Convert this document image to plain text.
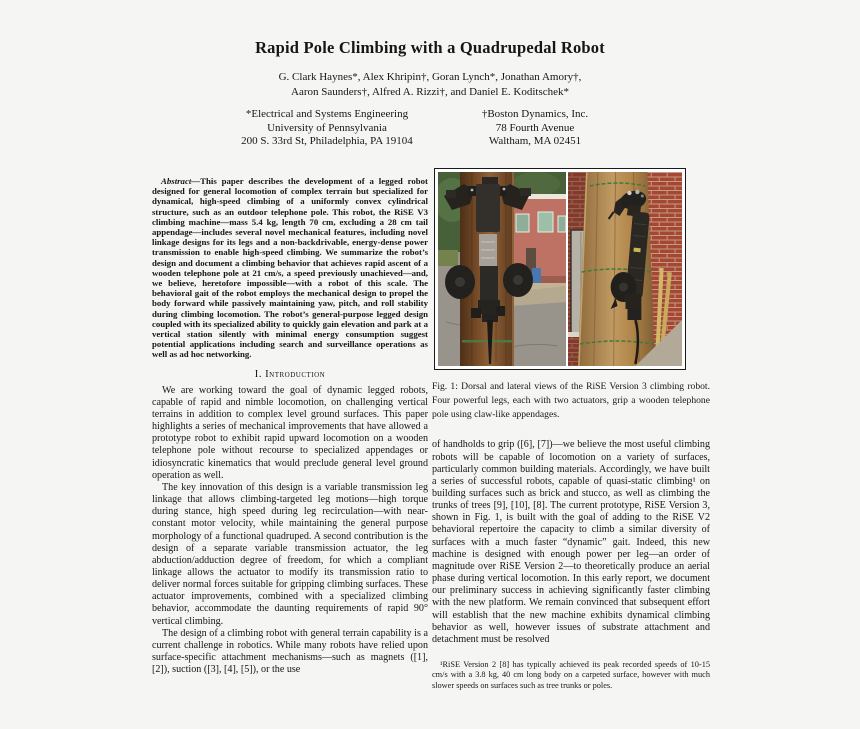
Rapid Pole Climbing with a Quadrupedal Robot
G. Clark Haynes*, Alex Khripin†, Goran Lynch*, Jonathan Amory†,
Aaron Saunders†, Alfred A. Rizzi†, and Daniel E. Koditschek*
*Electrical and Systems Engineering
University of Pennsylvania
200 S. 33rd St, Philadelphia, PA 19104
†Boston Dynamics, Inc.
78 Fourth Avenue
Waltham, MA 02451

Abstract—This paper describes the development of a legged robot designed for general locomotion of complex terrain but specialized for dynamical, high-speed climbing of a uniformly convex cylindrical structure, such as an outdoor telephone pole. This robot, the RiSE V3 climbing machine—mass 5.4 kg, length 70 cm, excluding a 28 cm tail appendage—includes several novel mechanical features, including novel linkage designs for its legs and a non-backdrivable, energy-dense power transmission to enable high-speed climbing. We summarize the robot’s design and document a climbing behavior that achieves rapid ascent of a wooden telephone pole at 21 cm/s, a speed previously unachieved—and, we believe, heretofore impossible—with a robot of this scale. The behavioral gait of the robot employs the mechanical design to propel the body forward while passively maintaining yaw, pitch, and roll stability during climbing locomotion. The robot’s general-purpose legged design coupled with its specialized ability to quickly gain elevation and park at a vertical station silently with minimal energy consumption suggest potential applications including search and surveillance operations as well as ad hoc networking.

I. Introduction

We are working toward the goal of dynamic legged robots, capable of rapid and nimble locomotion, on challenging vertical terrains in addition to complex level ground surfaces. This paper highlights a series of mechanical improvements that have allowed a prototype robot to exhibit rapid upward locomotion on a wooden telephone pole without recourse to specialized appendages or idiosyncratic kinematics that would preclude general level ground operation as well.

The key innovation of this design is a variable transmission leg linkage that allows climbing-targeted leg motions—high torque during stance, high speed during leg recirculation—with near-constant motor velocity, while maintaining the general purpose morphology of a functional quadruped. A second contribution is the design of a separate variable transmission actuator, the leg abduction/adduction degree of freedom, for which a compliant linkage allows the actuator to modify its transmission ratio to deliver normal forces suitable for gripping climbing surfaces. These actuator improvements, combined with a specialized climbing behavior, accommodate the daunting requirements of rapid 90° vertical climbing.

The design of a climbing robot with general terrain capability is a current challenge in robotics. While many robots have relied upon surface-specific attachment mechanisms—such as magnets ([1], [2]), suction ([3], [4], [5]), or the use

Fig. 1: Dorsal and lateral views of the RiSE Version 3 climbing robot. Four powerful legs, each with two actuators, grip a wooden telephone pole using claw-like appendages.

of handholds to grip ([6], [7])—we believe the most useful climbing robots will be capable of locomotion on a variety of surfaces, particularly common building materials. Accordingly, we have built a series of successful robots, capable of quasi-static climbing¹ on building surfaces such as brick and stucco, as well as climbing the trunks of trees [9], [10], [8]. The current prototype, RiSE Version 3, shown in Fig. 1, is built with the goal of adding to the RiSE V2 behavioral repertoire the capacity to climb a similar diversity of surfaces with a much faster “dynamic” gait. Indeed, this new machine is designed with enough power per leg—an order of magnitude over RiSE Version 2—to theoretically produce an aerial phase during vertical locomotion. In this early report, we document our preliminary success in achieving significantly faster climbing with the new platform. We remain convinced that subsequent effort will establish that the new machine exhibits dynamical climbing behavior as well, however issues of substrate attachment and detachment must be resolved

¹RiSE Version 2 [8] has typically achieved its peak recorded speeds of 10-15 cm/s with a 3.8 kg, 40 cm long body on a carpeted surface, however with much slower speeds on surfaces such as tree trunks or poles.
